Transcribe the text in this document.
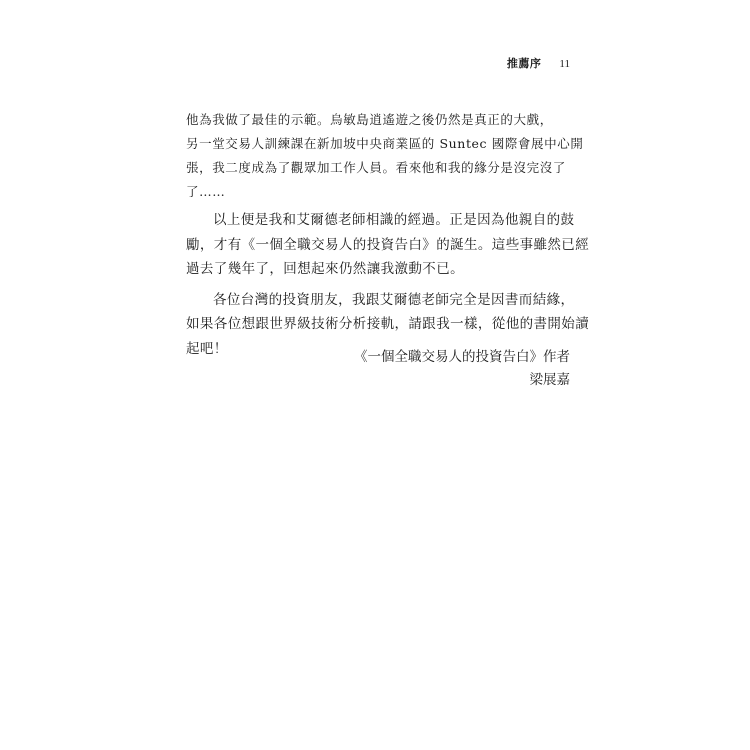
推薦序 11

他為我做了最佳的示範。烏敏島逍遙遊之後仍然是真正的大戲，
另一堂交易人訓練課在新加坡中央商業區的 Suntec 國際會展中心開
張，我二度成為了觀眾加工作人員。看來他和我的緣分是沒完沒了
了……

以上便是我和艾爾德老師相識的經過。正是因為他親自的鼓
勵，才有《一個全職交易人的投資告白》的誕生。這些事雖然已經
過去了幾年了，回想起來仍然讓我激動不已。

各位台灣的投資朋友，我跟艾爾德老師完全是因書而結緣，
如果各位想跟世界級技術分析接軌，請跟我一樣，從他的書開始讀
起吧！

《一個全職交易人的投資告白》作者
梁展嘉
